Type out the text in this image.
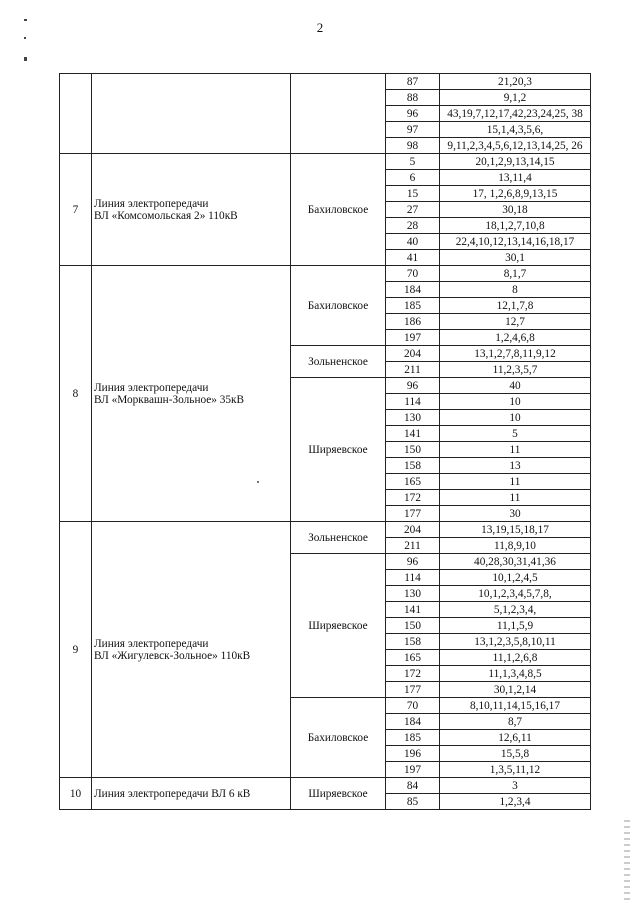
2
			87	21,20,3
			88	9,1,2
			96	43,19,7,12,17,42,23,24,25, 38
			97	15,1,4,3,5,6,
			98	9,11,2,3,4,5,6,12,13,14,25, 26
7	Линия электропередачи
ВЛ «Комсомольская 2» 110кВ	Бахиловское	5	20,1,2,9,13,14,15
			6	13,11,4
			15	17, 1,2,6,8,9,13,15
			27	30,18
			28	18,1,2,7,10,8
			40	22,4,10,12,13,14,16,18,17
			41	30,1
8	Линия электропередачи
ВЛ «Морквашн-Зольное» 35кВ	Бахиловское	70	8,1,7
			184	8
			185	12,1,7,8
			186	12,7
			197	1,2,4,6,8
		Зольненское	204	13,1,2,7,8,11,9,12
			211	11,2,3,5,7
		Ширяевское	96	40
			114	10
			130	10
			141	5
			150	11
			158	13
			165	11
			172	11
			177	30
9	Линия электропередачи
ВЛ «Жигулевск-Зольное» 110кВ	Зольненское	204	13,19,15,18,17
			211	11,8,9,10
		Ширяевское	96	40,28,30,31,41,36
			114	10,1,2,4,5
			130	10,1,2,3,4,5,7,8,
			141	5,1,2,3,4,
			150	11,1,5,9
			158	13,1,2,3,5,8,10,11
			165	11,1,2,6,8
			172	11,1,3,4,8,5
			177	30,1,2,14
		Бахиловское	70	8,10,11,14,15,16,17
			184	8,7
			185	12,6,11
			196	15,5,8
			197	1,3,5,11,12
10	Линия электропередачи ВЛ 6 кВ	Ширяевское	84	3
			85	1,2,3,4
